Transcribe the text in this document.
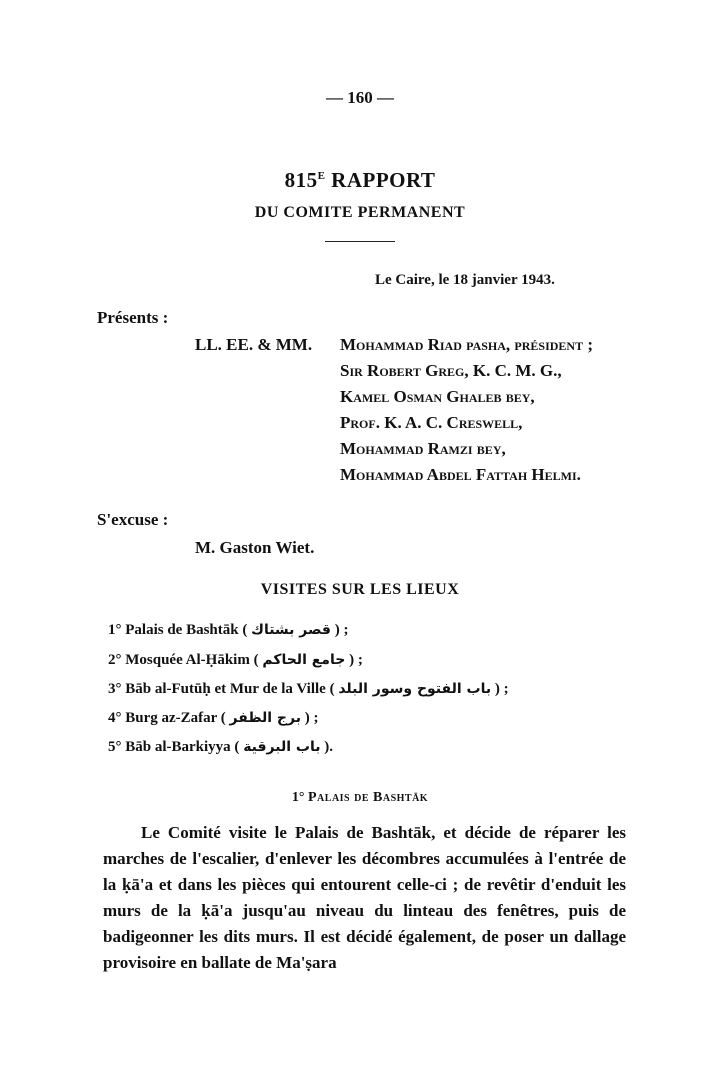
— 160 —
$815^E$ RAPPORT
DU COMITE PERMANENT
Le Caire, le 18 janvier 1943.
Présents :
LL. EE. & MM. Mohammad Riad pasha, président ;
Sir Robert Greg, K. C. M. G.,
Kamel Osman Ghaleb bey,
Prof. K. A. C. Creswell,
Mohammad Ramzi bey,
Mohammad Abdel Fattah Helmi.
S'excuse :
M. Gaston Wiet.
VISITES SUR LES LIEUX
1° Palais de Bashtāk ( قصر بشتاك ) ;
2° Mosquée Al-Ḥākim ( جامع الحاكم ) ;
3° Bāb al-Futūḥ et Mur de la Ville ( باب الفتوح وسور البلد ) ;
4° Burg az-Zafar ( برج الظفر ) ;
5° Bāb al-Barkiyya ( باب البرقية ).
1° Palais de Bashtāk
Le Comité visite le Palais de Bashtāk, et décide de réparer les marches de l'escalier, d'enlever les décombres accumulées à l'entrée de la ḳā'a et dans les pièces qui entourent celle-ci ; de revêtir d'enduit les murs de la ḳā'a jusqu'au niveau du linteau des fenêtres, puis de badigeonner les dits murs. Il est décidé également, de poser un dallage provisoire en ballate de Ma'ṣara
